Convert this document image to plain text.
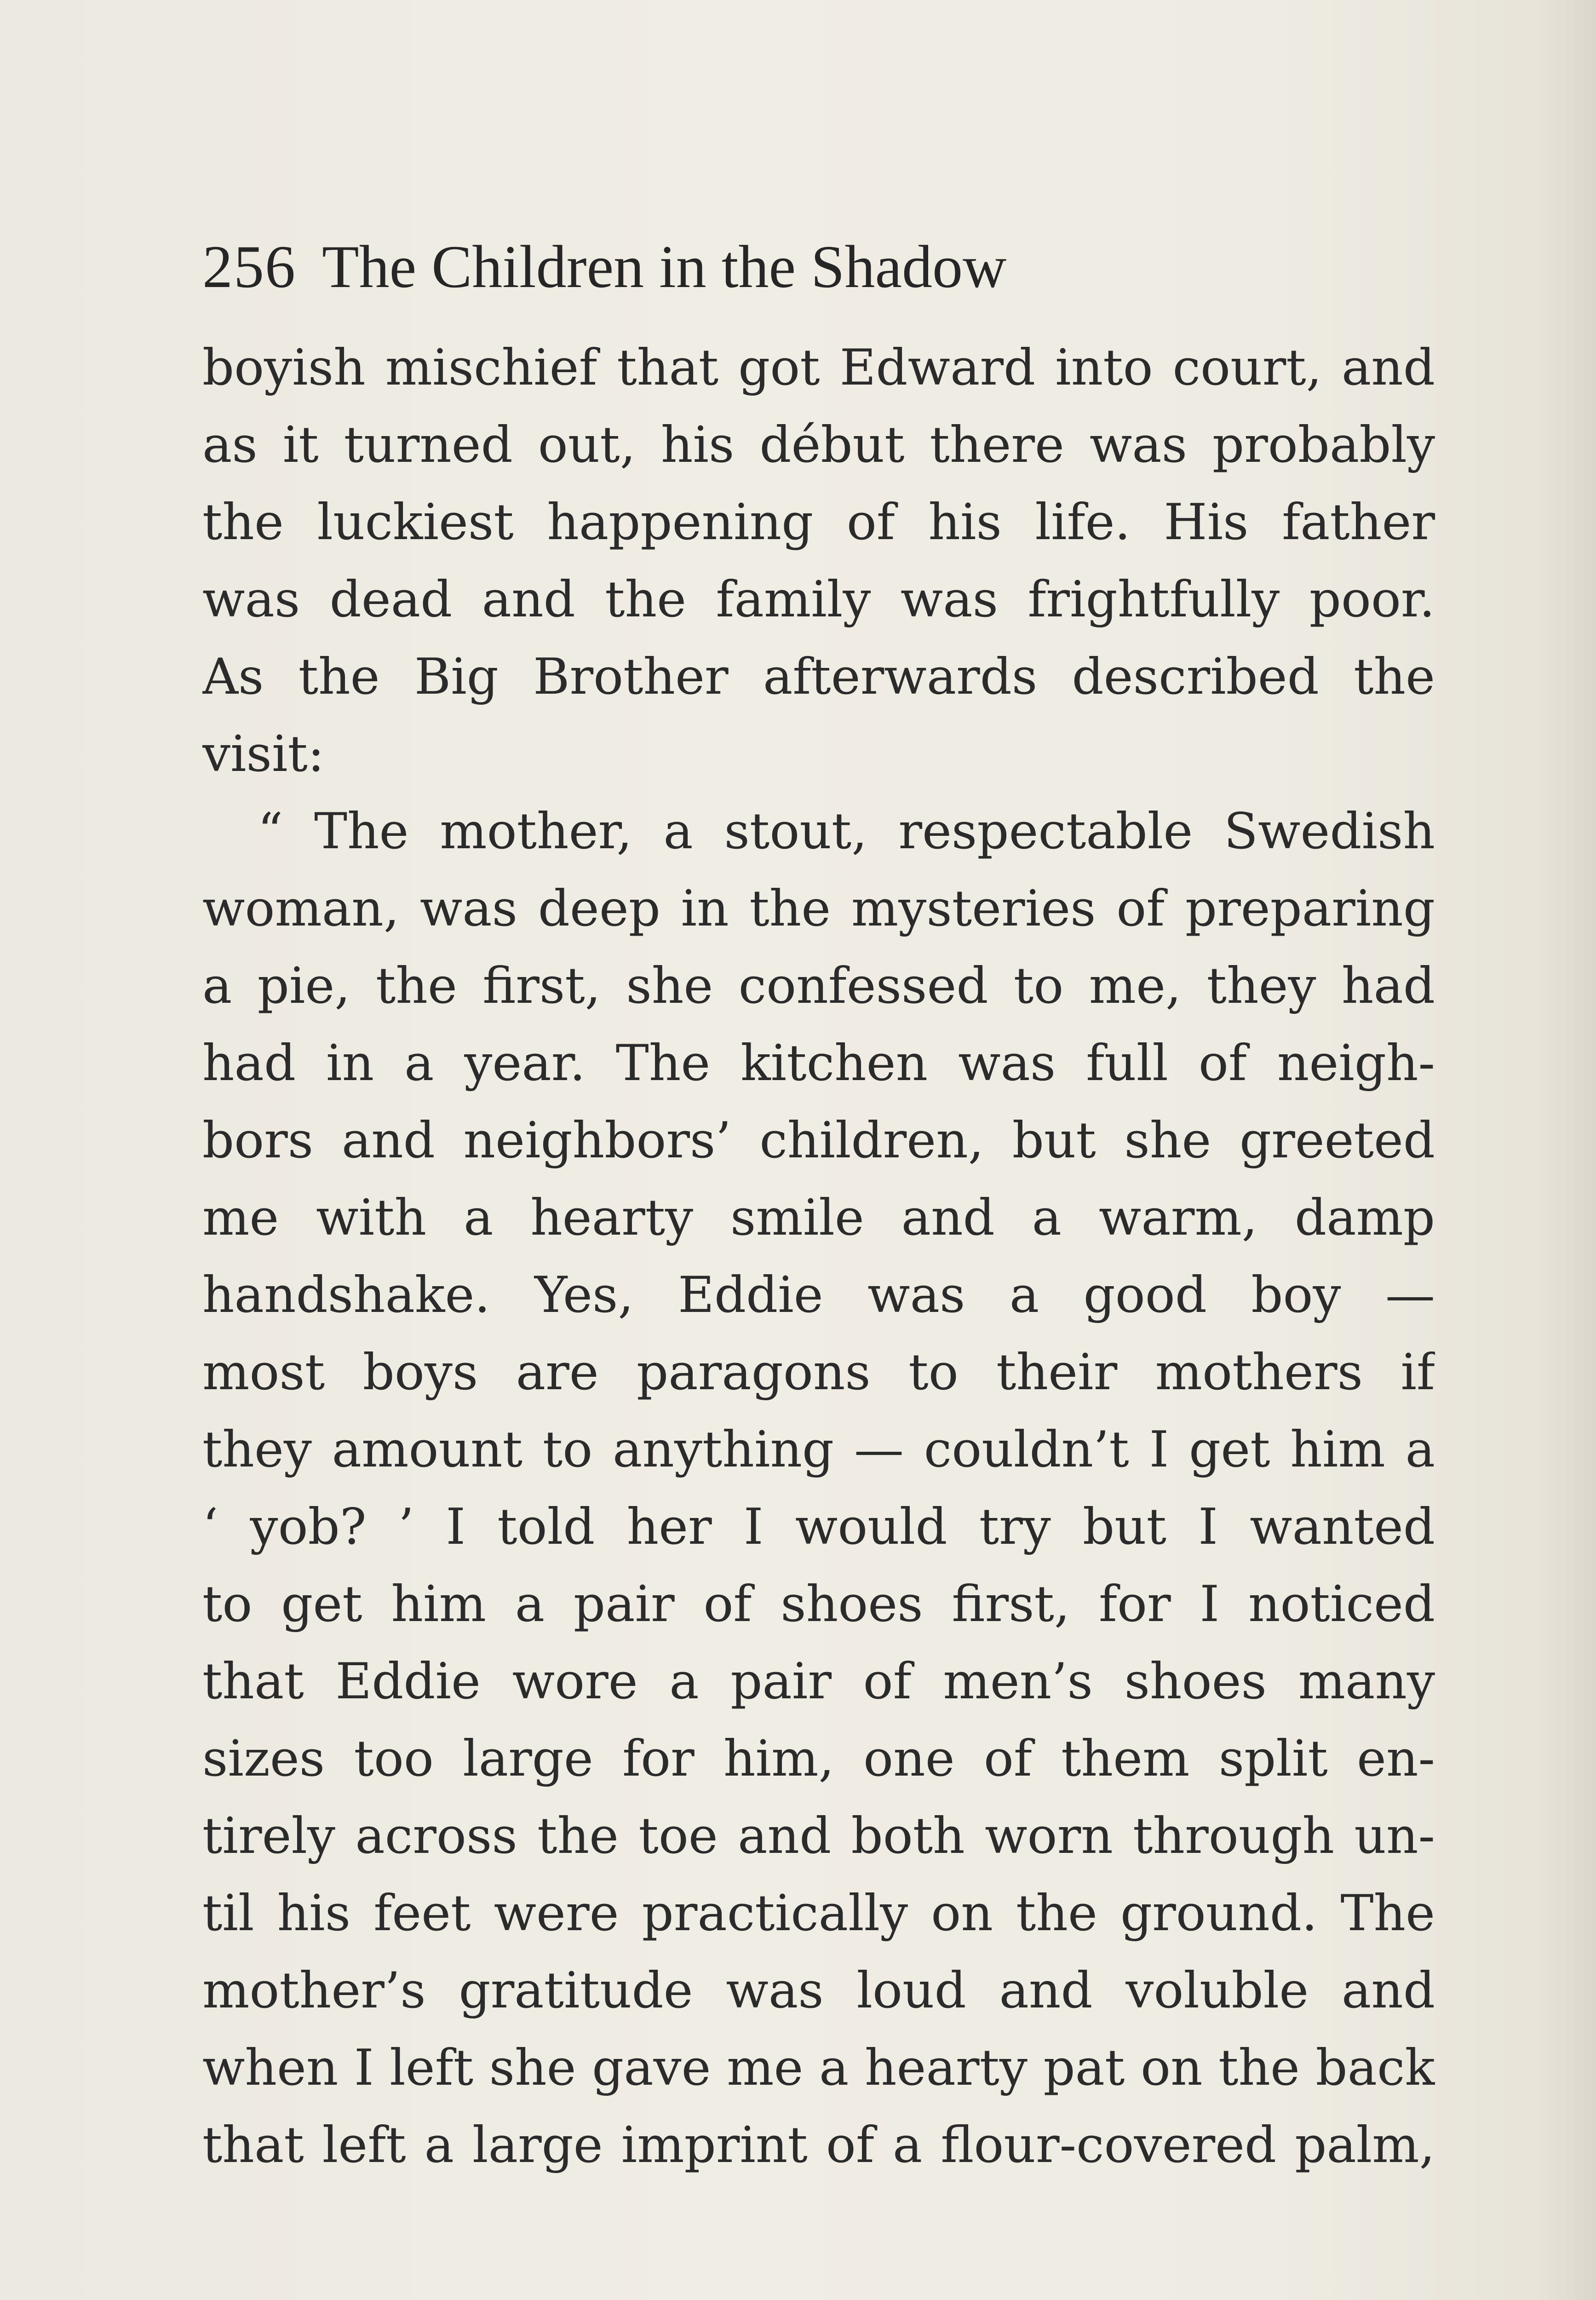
256 The Children in the Shadow
boyish mischief that got Edward into court, and
as it turned out, his début there was probably
the luckiest happening of his life. His father
was dead and the family was frightfully poor.
As the Big Brother afterwards described the
visit:
“ The mother, a stout, respectable Swedish
woman, was deep in the mysteries of preparing
a pie, the first, she confessed to me, they had
had in a year. The kitchen was full of neigh-
bors and neighbors’ children, but she greeted
me with a hearty smile and a warm, damp
handshake. Yes, Eddie was a good boy —
most boys are paragons to their mothers if
they amount to anything — couldn’t I get him a
‘ yob? ’ I told her I would try but I wanted
to get him a pair of shoes first, for I noticed
that Eddie wore a pair of men’s shoes many
sizes too large for him, one of them split en-
tirely across the toe and both worn through un-
til his feet were practically on the ground. The
mother’s gratitude was loud and voluble and
when I left she gave me a hearty pat on the back
that left a large imprint of a flour-covered palm,
